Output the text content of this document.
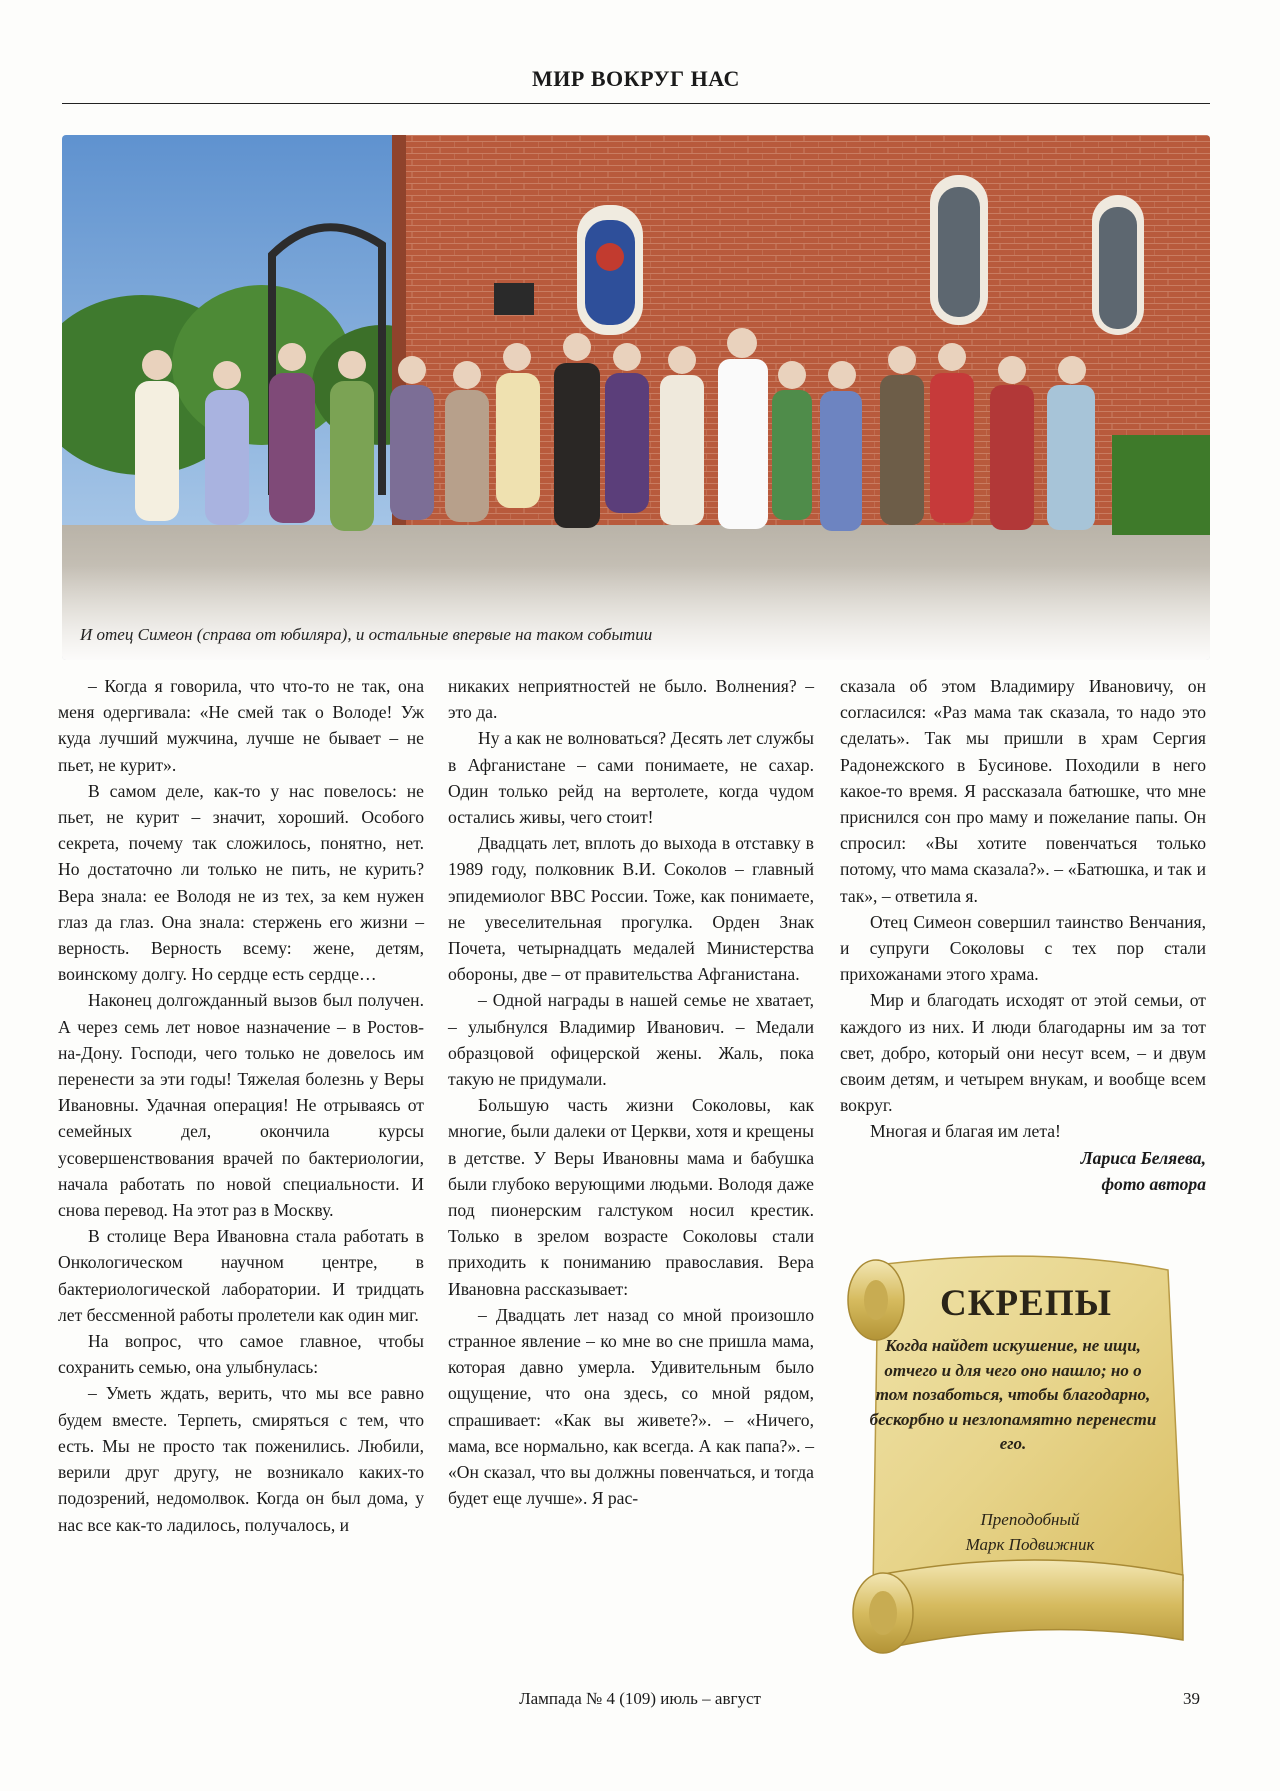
МИР ВОКРУГ НАС
И отец Симеон (справа от юбиляра), и остальные впервые на таком событии

– Когда я говорила, что что-то не так, она меня одергивала: «Не смей так о Володе! Уж куда лучший мужчина, лучше не бывает – не пьет, не курит».

В самом деле, как-то у нас повелось: не пьет, не курит – значит, хороший. Особого секрета, почему так сложилось, понятно, нет. Но достаточно ли только не пить, не курить? Вера знала: ее Володя не из тех, за кем нужен глаз да глаз. Она знала: стержень его жизни – верность. Верность всему: жене, детям, воинскому долгу. Но сердце есть сердце…

Наконец долгожданный вызов был получен. А через семь лет новое назначение – в Ростов-на-Дону. Господи, чего только не довелось им перенести за эти годы! Тяжелая болезнь у Веры Ивановны. Удачная операция! Не отрываясь от семейных дел, окончила курсы усовершенствования врачей по бактериологии, начала работать по новой специальности. И снова перевод. На этот раз в Москву.

В столице Вера Ивановна стала работать в Онкологическом научном центре, в бактериологической лаборатории. И тридцать лет бессменной работы пролетели как один миг.

На вопрос, что самое главное, чтобы сохранить семью, она улыбнулась:

– Уметь ждать, верить, что мы все равно будем вместе. Терпеть, смиряться с тем, что есть. Мы не просто так поженились. Любили, верили друг другу, не возникало каких-то подозрений, недомолвок. Когда он был дома, у нас все как-то ладилось, получалось, и

никаких неприятностей не было. Волнения? – это да.

Ну а как не волноваться? Десять лет службы в Афганистане – сами понимаете, не сахар. Один только рейд на вертолете, когда чудом остались живы, чего стоит!

Двадцать лет, вплоть до выхода в отставку в 1989 году, полковник В.И. Соколов – главный эпидемиолог ВВС России. Тоже, как понимаете, не увеселительная прогулка. Орден Знак Почета, четырнадцать медалей Министерства обороны, две – от правительства Афганистана.

– Одной награды в нашей семье не хватает, – улыбнулся Владимир Иванович. – Медали образцовой офицерской жены. Жаль, пока такую не придумали.

Большую часть жизни Соколовы, как многие, были далеки от Церкви, хотя и крещены в детстве. У Веры Ивановны мама и бабушка были глубоко верующими людьми. Володя даже под пионерским галстуком носил крестик. Только в зрелом возрасте Соколовы стали приходить к пониманию православия. Вера Ивановна рассказывает:

– Двадцать лет назад со мной произошло странное явление – ко мне во сне пришла мама, которая давно умерла. Удивительным было ощущение, что она здесь, со мной рядом, спрашивает: «Как вы живете?». – «Ничего, мама, все нормально, как всегда. А как папа?». – «Он сказал, что вы должны повенчаться, и тогда будет еще лучше». Я рас-

сказала об этом Владимиру Ивановичу, он согласился: «Раз мама так сказала, то надо это сделать». Так мы пришли в храм Сергия Радонежского в Бусинове. Походили в него какое-то время. Я рассказала батюшке, что мне приснился сон про маму и пожелание папы. Он спросил: «Вы хотите повенчаться только потому, что мама сказала?». – «Батюшка, и так и так», – ответила я.

Отец Симеон совершил таинство Венчания, и супруги Соколовы с тех пор стали прихожанами этого храма.

Мир и благодать исходят от этой семьи, от каждого из них. И люди благодарны им за тот свет, добро, который они несут всем, – и двум своим детям, и четырем внукам, и вообще всем вокруг.

Многая и благая им лета!

Лариса Беляева,

фото автора

СКРЕПЫ
Когда найдет искушение, не ищи, отчего и для чего оно нашло; но о том позаботься, чтобы благодарно, бескорбно и незлопамятно перенести его.
Преподобный
Марк Подвижник
Лампада № 4 (109) июль – август	39
